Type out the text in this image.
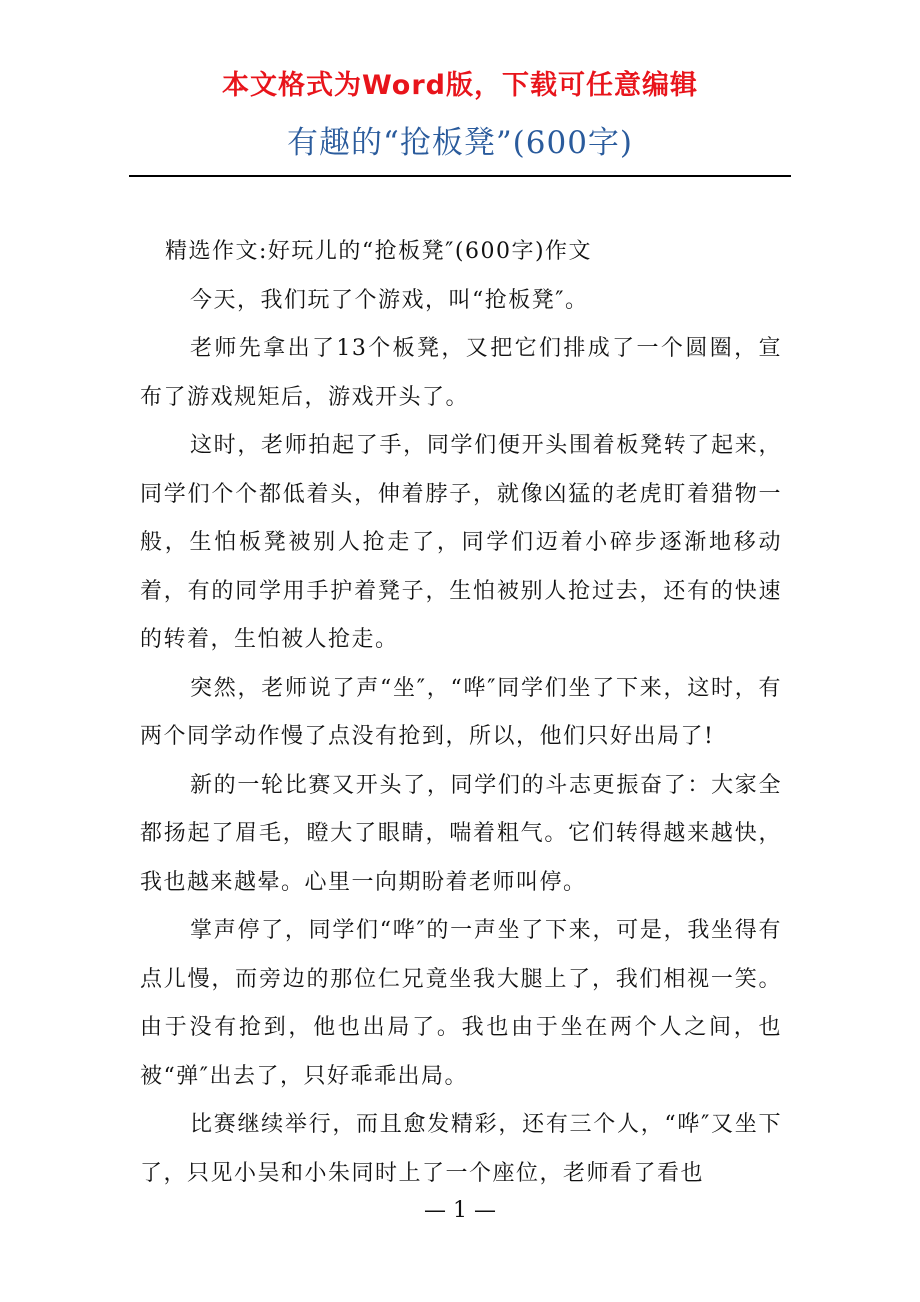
本文格式为Word版，下载可任意编辑
有趣的“抢板凳”(600字)

精选作文:好玩儿的“抢板凳″(600字)作文

今天，我们玩了个游戏，叫“抢板凳″。

老师先拿出了13个板凳，又把它们排成了一个圆圈，宣布了游戏规矩后，游戏开头了。

这时，老师拍起了手，同学们便开头围着板凳转了起来，同学们个个都低着头，伸着脖子，就像凶猛的老虎盯着猎物一般，生怕板凳被别人抢走了，同学们迈着小碎步逐渐地移动着，有的同学用手护着凳子，生怕被别人抢过去，还有的快速的转着，生怕被人抢走。

突然，老师说了声“坐″，“哗″同学们坐了下来，这时，有两个同学动作慢了点没有抢到，所以，他们只好出局了!

新的一轮比赛又开头了，同学们的斗志更振奋了：大家全都扬起了眉毛，瞪大了眼睛，喘着粗气。它们转得越来越快，我也越来越晕。心里一向期盼着老师叫停。

掌声停了，同学们“哗″的一声坐了下来，可是，我坐得有点儿慢，而旁边的那位仁兄竟坐我大腿上了，我们相视一笑。由于没有抢到，他也出局了。我也由于坐在两个人之间，也被“弹″出去了，只好乖乖出局。

比赛继续举行，而且愈发精彩，还有三个人，“哗″又坐下了，只见小吴和小朱同时上了一个座位，老师看了看也

— 1 —
